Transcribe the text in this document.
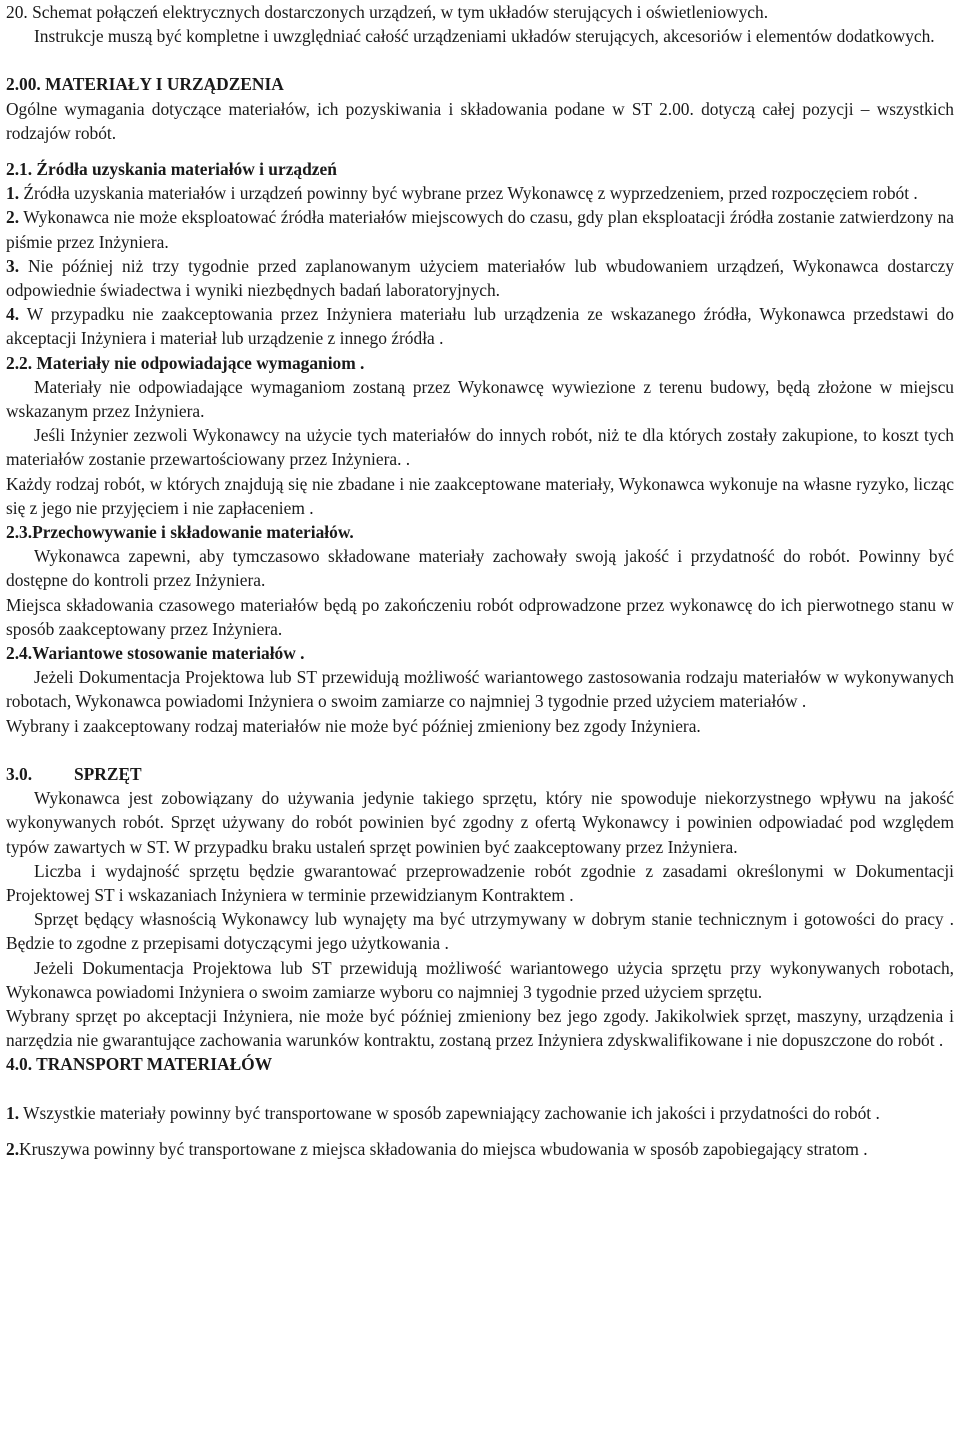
20. Schemat połączeń elektrycznych dostarczonych urządzeń, w tym układów sterujących i oświetleniowych.

Instrukcje muszą być kompletne i uwzględniać całość urządzeniami układów sterujących, akcesoriów i elementów dodatkowych.

2.00. MATERIAŁY I URZĄDZENIA

Ogólne wymagania dotyczące materiałów, ich pozyskiwania i składowania podane w ST 2.00. dotyczą całej pozycji – wszystkich rodzajów robót.

2.1. Źródła uzyskania materiałów i urządzeń

1. Źródła uzyskania materiałów i urządzeń powinny być wybrane przez Wykonawcę z wyprzedzeniem, przed rozpoczęciem robót .

2. Wykonawca nie może eksploatować źródła materiałów miejscowych do czasu, gdy plan eksploatacji źródła zostanie zatwierdzony na piśmie przez Inżyniera.

3. Nie później niż trzy tygodnie przed zaplanowanym użyciem materiałów lub wbudowaniem urządzeń, Wykonawca dostarczy odpowiednie świadectwa i wyniki niezbędnych badań laboratoryjnych.

4. W przypadku nie zaakceptowania przez Inżyniera materiału lub urządzenia ze wskazanego źródła, Wykonawca przedstawi do akceptacji Inżyniera i materiał lub urządzenie z innego źródła .

2.2. Materiały nie odpowiadające wymaganiom .

Materiały nie odpowiadające wymaganiom zostaną przez Wykonawcę wywiezione z terenu budowy, będą złożone w miejscu wskazanym przez Inżyniera.

Jeśli Inżynier zezwoli Wykonawcy na użycie tych materiałów do innych robót, niż te dla których zostały zakupione, to koszt tych materiałów zostanie przewartościowany przez Inżyniera. .

Każdy rodzaj robót, w których znajdują się nie zbadane i nie zaakceptowane materiały, Wykonawca wykonuje na własne ryzyko, licząc się z jego nie przyjęciem i nie zapłaceniem .

2.3.Przechowywanie i składowanie materiałów.

Wykonawca zapewni, aby tymczasowo składowane materiały zachowały swoją jakość i przydatność do robót. Powinny być dostępne do kontroli przez Inżyniera.

Miejsca składowania czasowego materiałów będą po zakończeniu robót odprowadzone przez wykonawcę do ich pierwotnego stanu w sposób zaakceptowany przez Inżyniera.

2.4.Wariantowe stosowanie materiałów .

Jeżeli Dokumentacja Projektowa lub ST przewidują możliwość wariantowego zastosowania rodzaju materiałów w wykonywanych robotach, Wykonawca powiadomi Inżyniera o swoim zamiarze co najmniej 3 tygodnie przed użyciem materiałów .

Wybrany i zaakceptowany rodzaj materiałów nie może być później zmieniony bez zgody Inżyniera.

3.0. SPRZĘT

Wykonawca jest zobowiązany do używania jedynie takiego sprzętu, który nie spowoduje niekorzystnego wpływu na jakość wykonywanych robót. Sprzęt używany do robót powinien być zgodny z ofertą Wykonawcy i powinien odpowiadać pod względem typów zawartych w ST. W przypadku braku ustaleń sprzęt powinien być zaakceptowany przez Inżyniera.

Liczba i wydajność sprzętu będzie gwarantować przeprowadzenie robót zgodnie z zasadami określonymi w Dokumentacji Projektowej ST i wskazaniach Inżyniera w terminie przewidzianym Kontraktem .

Sprzęt będący własnością Wykonawcy lub wynajęty ma być utrzymywany w dobrym stanie technicznym i gotowości do pracy . Będzie to zgodne z przepisami dotyczącymi jego użytkowania .

Jeżeli Dokumentacja Projektowa lub ST przewidują możliwość wariantowego użycia sprzętu przy wykonywanych robotach, Wykonawca powiadomi Inżyniera o swoim zamiarze wyboru co najmniej 3 tygodnie przed użyciem sprzętu.

Wybrany sprzęt po akceptacji Inżyniera, nie może być później zmieniony bez jego zgody. Jakikolwiek sprzęt, maszyny, urządzenia i narzędzia nie gwarantujące zachowania warunków kontraktu, zostaną przez Inżyniera zdyskwalifikowane i nie dopuszczone do robót .

4.0. TRANSPORT MATERIAŁÓW

1. Wszystkie materiały powinny być transportowane w sposób zapewniający zachowanie ich jakości i przydatności do robót .

2.Kruszywa powinny być transportowane z miejsca składowania do miejsca wbudowania w sposób zapobiegający stratom .
